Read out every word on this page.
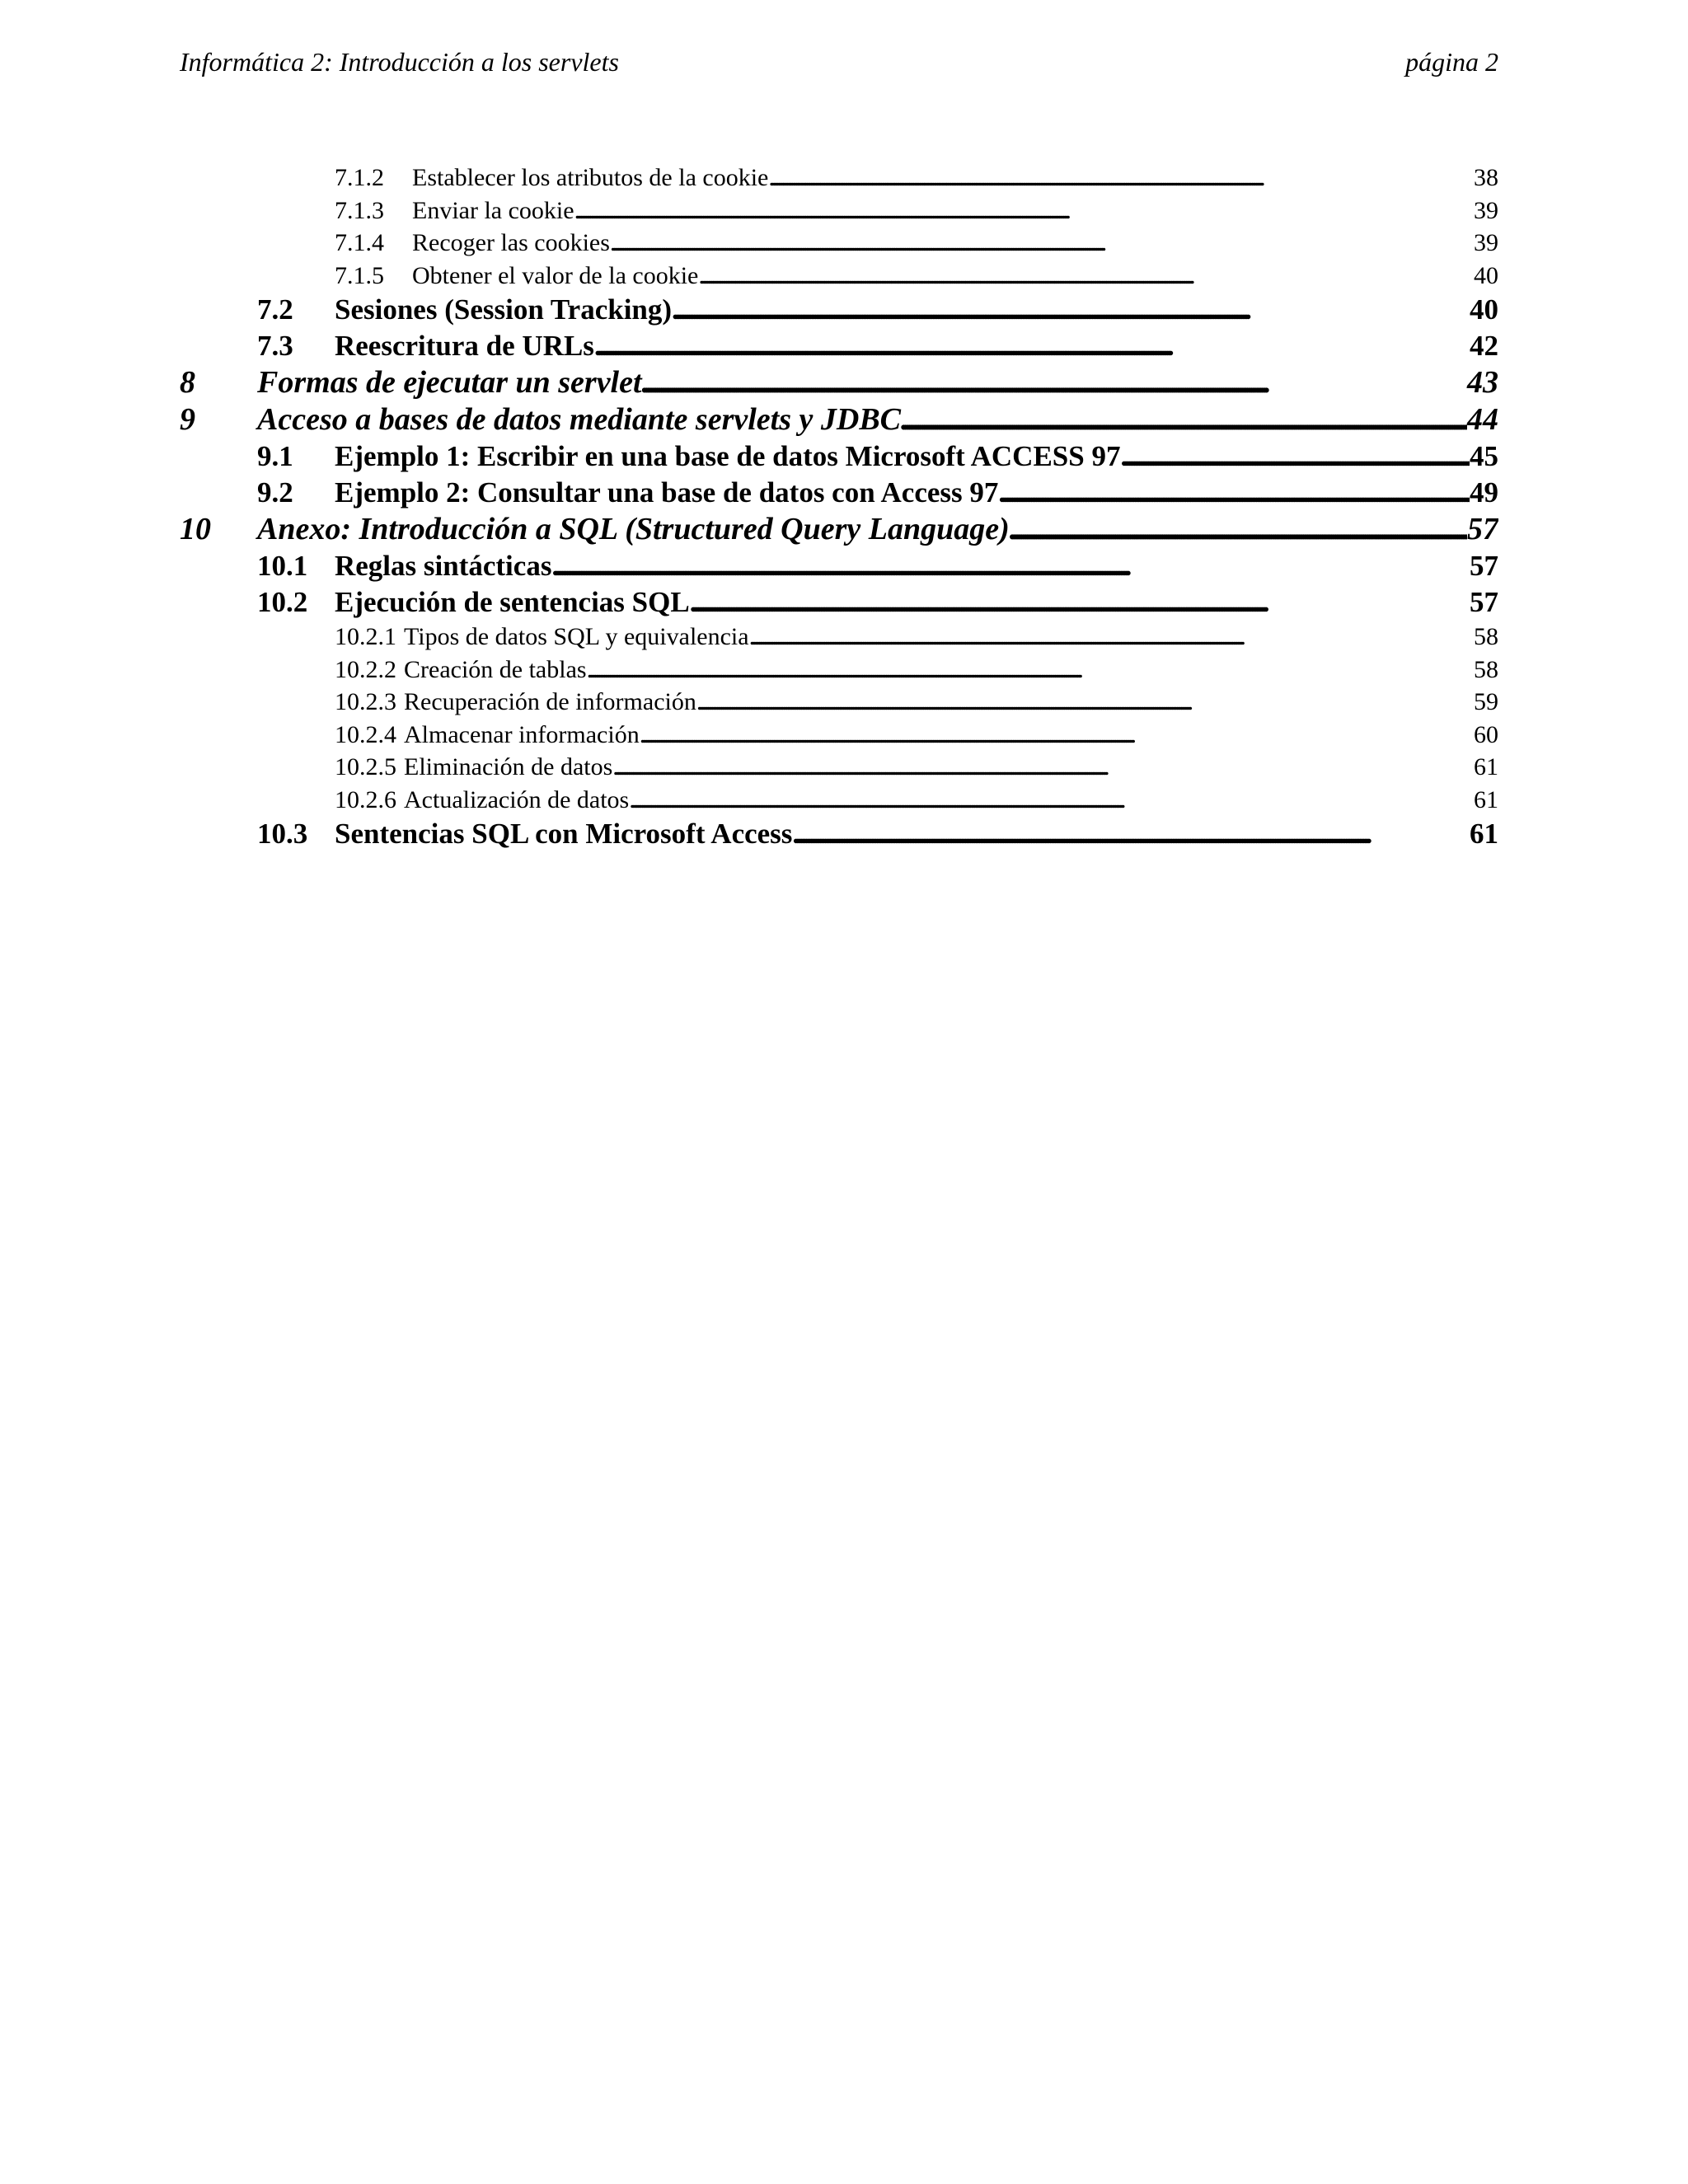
Informática 2: Introducción a los servlets	página 2
7.1.2	Establecer los atributos de la cookie . . .	38
7.1.3	Enviar la cookie . . .	39
7.1.4	Recoger las cookies . . .	39
7.1.5	Obtener el valor de la cookie . . .	40
7.2	Sesiones (Session Tracking) . . .	40
7.3	Reescritura de URLs . . .	42
8	Formas de ejecutar un servlet . . .	43
9	Acceso a bases de datos mediante servlets y JDBC . . .	44
9.1	Ejemplo 1: Escribir en una base de datos Microsoft ACCESS 97 . . .	45
9.2	Ejemplo 2: Consultar una base de datos con Access 97 . . .	49
10	Anexo: Introducción a SQL (Structured Query Language) . . .	57
10.1 Reglas sintácticas . . .	57
10.2 Ejecución de sentencias SQL . . .	57
10.2.1 Tipos de datos SQL y equivalencia . . .	58
10.2.2 Creación de tablas . . .	58
10.2.3 Recuperación de información . . .	59
10.2.4 Almacenar información . . .	60
10.2.5 Eliminación de datos . . .	61
10.2.6 Actualización de datos . . .	61
10.3 Sentencias SQL con Microsoft Access . . .	61
